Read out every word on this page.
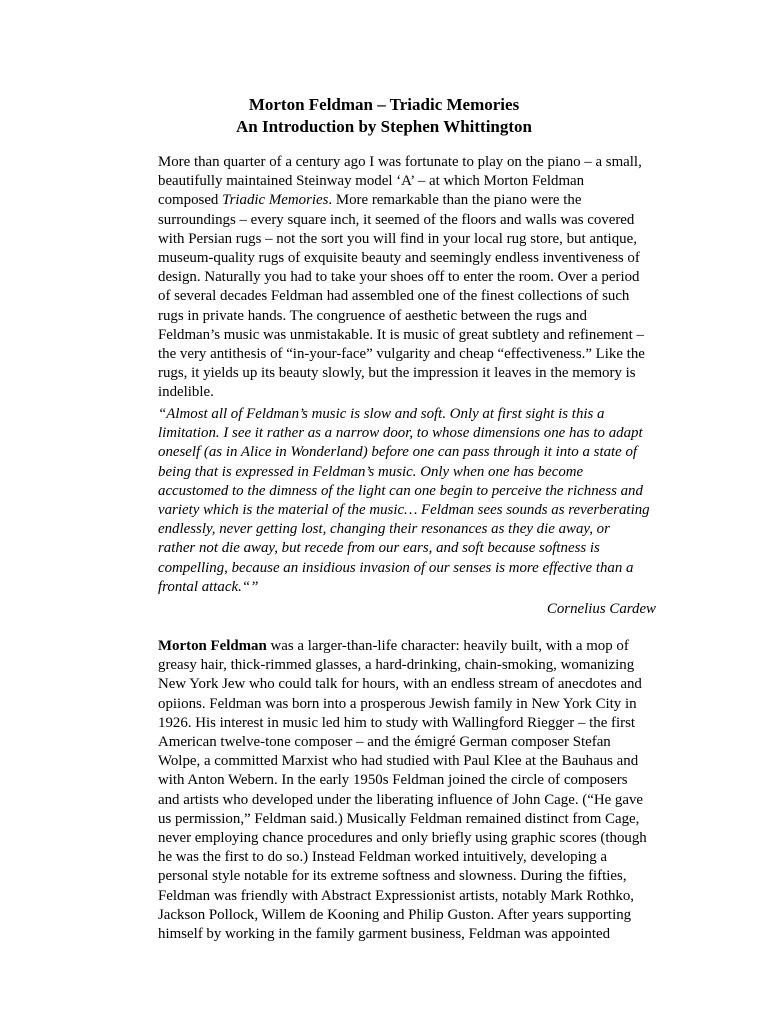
Morton Feldman – Triadic Memories
An Introduction by Stephen Whittington
More than quarter of a century ago I was fortunate to play on the piano – a small,
beautifully maintained Steinway model ‘A’ – at which Morton Feldman
composed Triadic Memories. More remarkable than the piano were the
surroundings – every square inch, it seemed of the floors and walls was covered
with Persian rugs – not the sort you will find in your local rug store, but antique,
museum-quality rugs of exquisite beauty and seemingly endless inventiveness of
design. Naturally you had to take your shoes off to enter the room. Over a period
of several decades Feldman had assembled one of the finest collections of such
rugs in private hands. The congruence of aesthetic between the rugs and
Feldman’s music was unmistakable. It is music of great subtlety and refinement –
the very antithesis of “in-your-face” vulgarity and cheap “effectiveness.” Like the
rugs, it yields up its beauty slowly, but the impression it leaves in the memory is
indelible.
“Almost all of Feldman’s music is slow and soft. Only at first sight is this a
limitation. I see it rather as a narrow door, to whose dimensions one has to adapt
oneself (as in Alice in Wonderland) before one can pass through it into a state of
being that is expressed in Feldman’s music. Only when one has become
accustomed to the dimness of the light can one begin to perceive the richness and
variety which is the material of the music… Feldman sees sounds as reverberating
endlessly, never getting lost, changing their resonances as they die away, or
rather not die away, but recede from our ears, and soft because softness is
compelling, because an insidious invasion of our senses is more effective than a
frontal attack.“”
Cornelius Cardew
Morton Feldman was a larger-than-life character: heavily built, with a mop of
greasy hair, thick-rimmed glasses, a hard-drinking, chain-smoking, womanizing
New York Jew who could talk for hours, with an endless stream of anecdotes and
opiions. Feldman was born into a prosperous Jewish family in New York City in
1926. His interest in music led him to study with Wallingford Riegger – the first
American twelve-tone composer – and the émigré German composer Stefan
Wolpe, a committed Marxist who had studied with Paul Klee at the Bauhaus and
with Anton Webern. In the early 1950s Feldman joined the circle of composers
and artists who developed under the liberating influence of John Cage. (“He gave
us permission,” Feldman said.) Musically Feldman remained distinct from Cage,
never employing chance procedures and only briefly using graphic scores (though
he was the first to do so.) Instead Feldman worked intuitively, developing a
personal style notable for its extreme softness and slowness. During the fifties,
Feldman was friendly with Abstract Expressionist artists, notably Mark Rothko,
Jackson Pollock, Willem de Kooning and Philip Guston. After years supporting
himself by working in the family garment business, Feldman was appointed
